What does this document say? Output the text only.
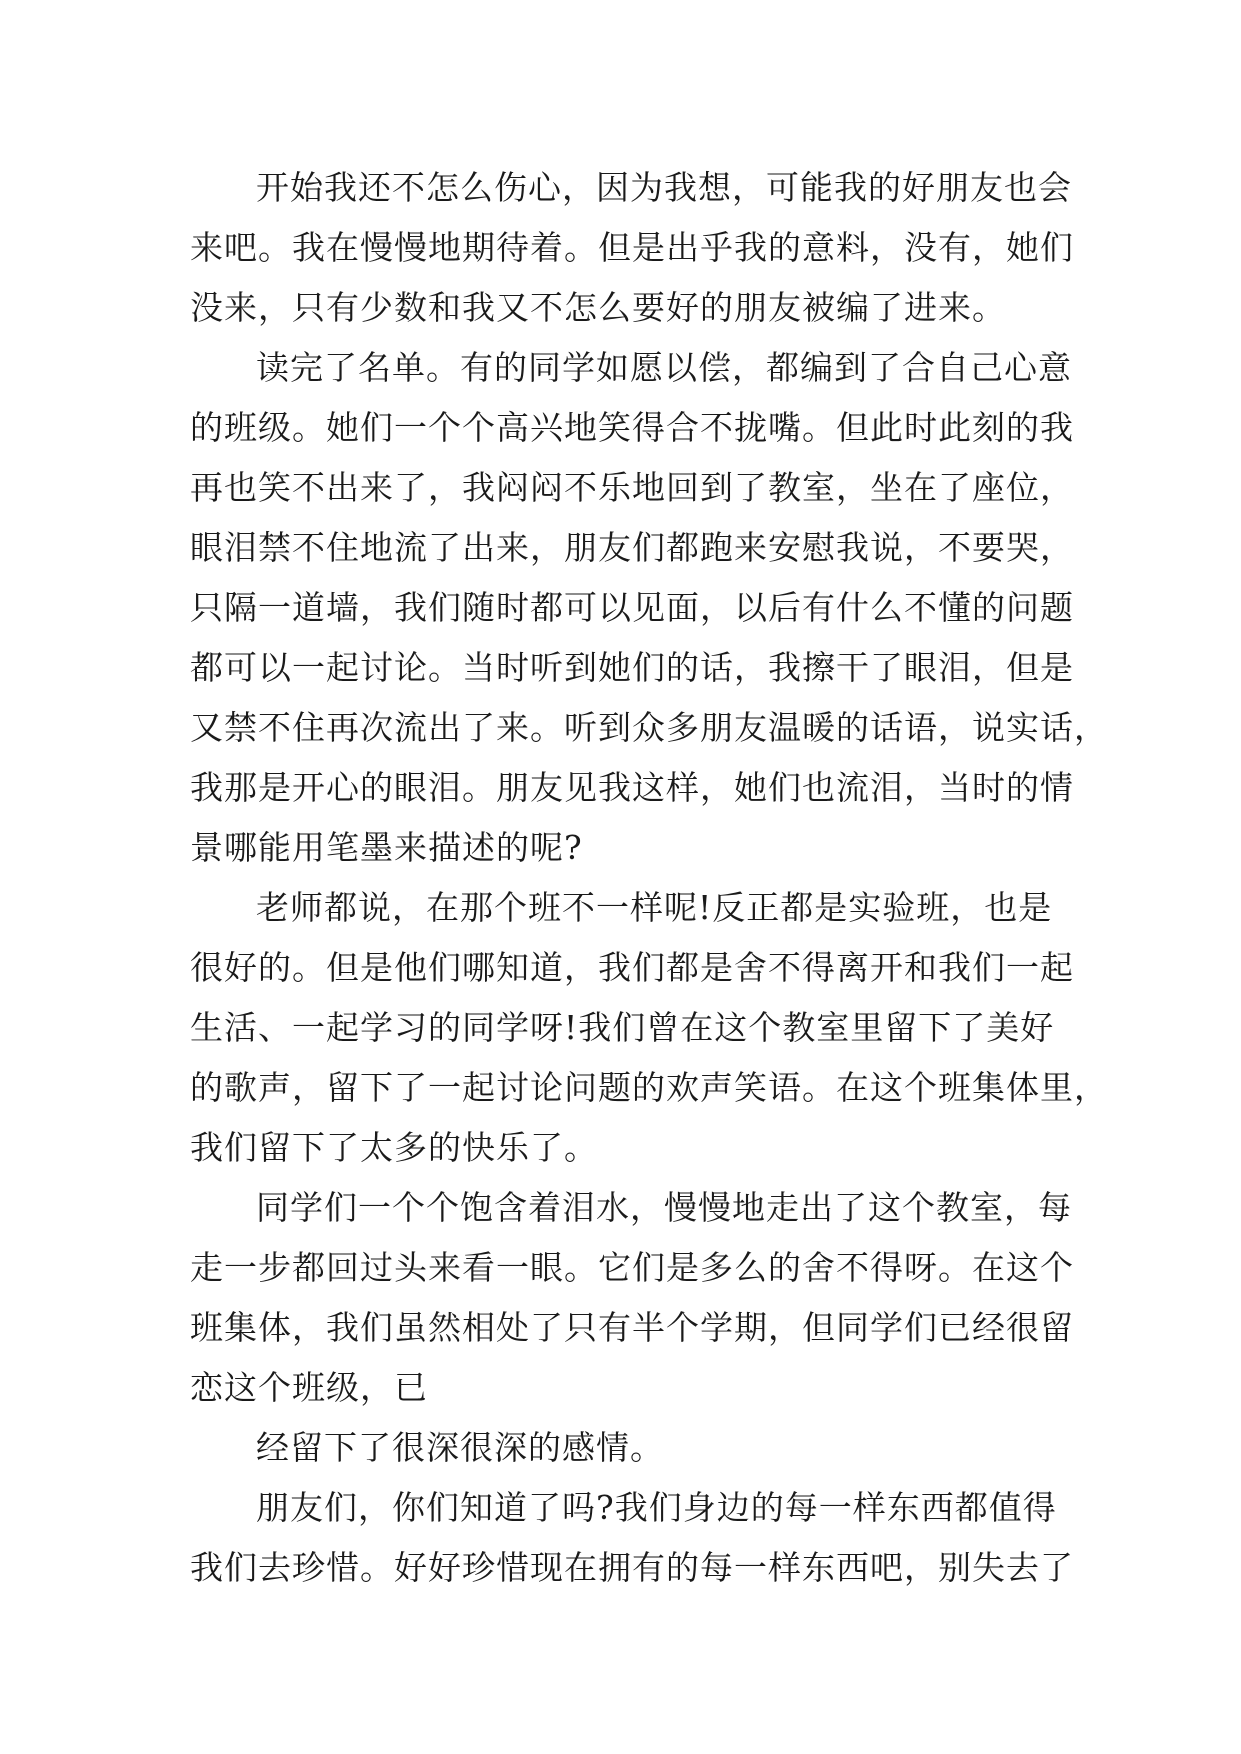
开始我还不怎么伤心，因为我想，可能我的好朋友也会
来吧。我在慢慢地期待着。但是出乎我的意料，没有，她们
没来，只有少数和我又不怎么要好的朋友被编了进来。
读完了名单。有的同学如愿以偿，都编到了合自己心意
的班级。她们一个个高兴地笑得合不拢嘴。但此时此刻的我
再也笑不出来了，我闷闷不乐地回到了教室，坐在了座位，
眼泪禁不住地流了出来，朋友们都跑来安慰我说，不要哭，
只隔一道墙，我们随时都可以见面，以后有什么不懂的问题
都可以一起讨论。当时听到她们的话，我擦干了眼泪，但是
又禁不住再次流出了来。听到众多朋友温暖的话语，说实话，
我那是开心的眼泪。朋友见我这样，她们也流泪，当时的情
景哪能用笔墨来描述的呢?
老师都说，在那个班不一样呢!反正都是实验班，也是
很好的。但是他们哪知道，我们都是舍不得离开和我们一起
生活、一起学习的同学呀!我们曾在这个教室里留下了美好
的歌声，留下了一起讨论问题的欢声笑语。在这个班集体里，
我们留下了太多的快乐了。
同学们一个个饱含着泪水，慢慢地走出了这个教室，每
走一步都回过头来看一眼。它们是多么的舍不得呀。在这个
班集体，我们虽然相处了只有半个学期，但同学们已经很留
恋这个班级，已
经留下了很深很深的感情。
朋友们，你们知道了吗?我们身边的每一样东西都值得
我们去珍惜。好好珍惜现在拥有的每一样东西吧，别失去了
